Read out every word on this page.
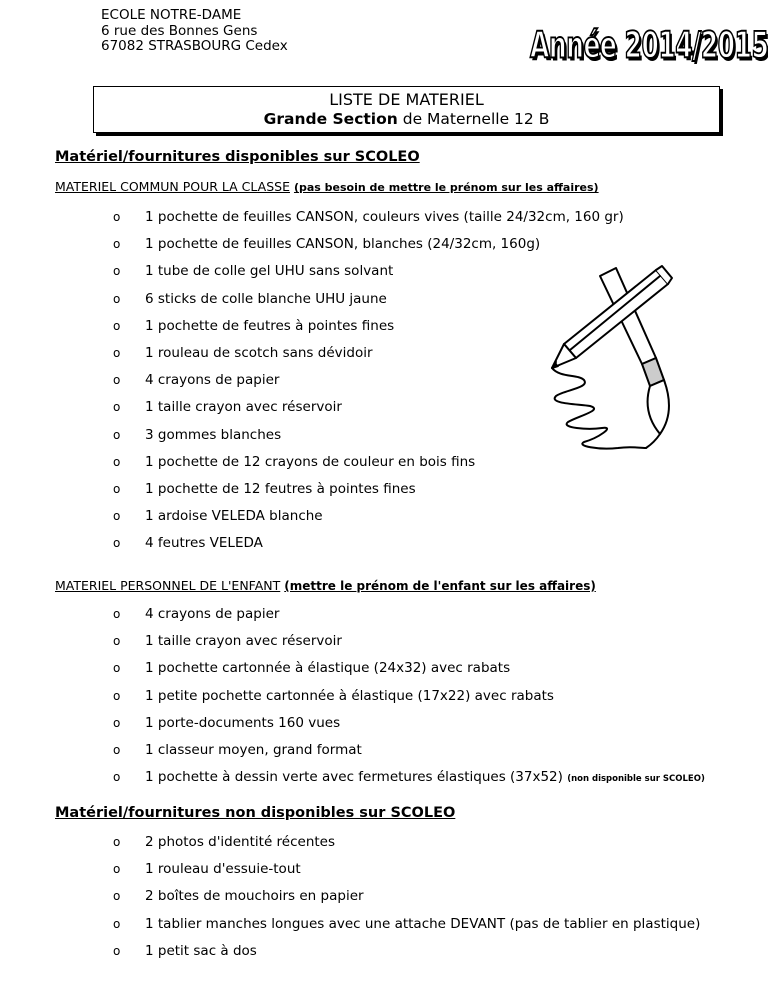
ECOLE NOTRE-DAME
6 rue des Bonnes Gens
67082 STRASBOURG Cedex	Année 2014/2015
LISTE DE MATERIEL
Grande Section de Maternelle 12 B
Matériel/fournitures disponibles sur SCOLEO
MATERIEL COMMUN POUR LA CLASSE (pas besoin de mettre le prénom sur les affaires)
o 1 pochette de feuilles CANSON, couleurs vives (taille 24/32cm, 160 gr)
o 1 pochette de feuilles CANSON, blanches (24/32cm, 160g)
o 1 tube de colle gel UHU sans solvant
o 6 sticks de colle blanche UHU jaune
o 1 pochette de feutres à pointes fines
o 1 rouleau de scotch sans dévidoir
o 4 crayons de papier
o 1 taille crayon avec réservoir
o 3 gommes blanches
o 1 pochette de 12 crayons de couleur en bois fins
o 1 pochette de 12 feutres à pointes fines
o 1 ardoise VELEDA blanche
o 4 feutres VELEDA
MATERIEL PERSONNEL DE L'ENFANT (mettre le prénom de l'enfant sur les affaires)
o 4 crayons de papier
o 1 taille crayon avec réservoir
o 1 pochette cartonnée à élastique (24x32) avec rabats
o 1 petite pochette cartonnée à élastique (17x22) avec rabats
o 1 porte-documents 160 vues
o 1 classeur moyen, grand format
o 1 pochette à dessin verte avec fermetures élastiques (37x52) (non disponible sur SCOLEO)
Matériel/fournitures non disponibles sur SCOLEO
o 2 photos d'identité récentes
o 1 rouleau d'essuie-tout
o 2 boîtes de mouchoirs en papier
o 1 tablier manches longues avec une attache DEVANT (pas de tablier en plastique)
o 1 petit sac à dos
